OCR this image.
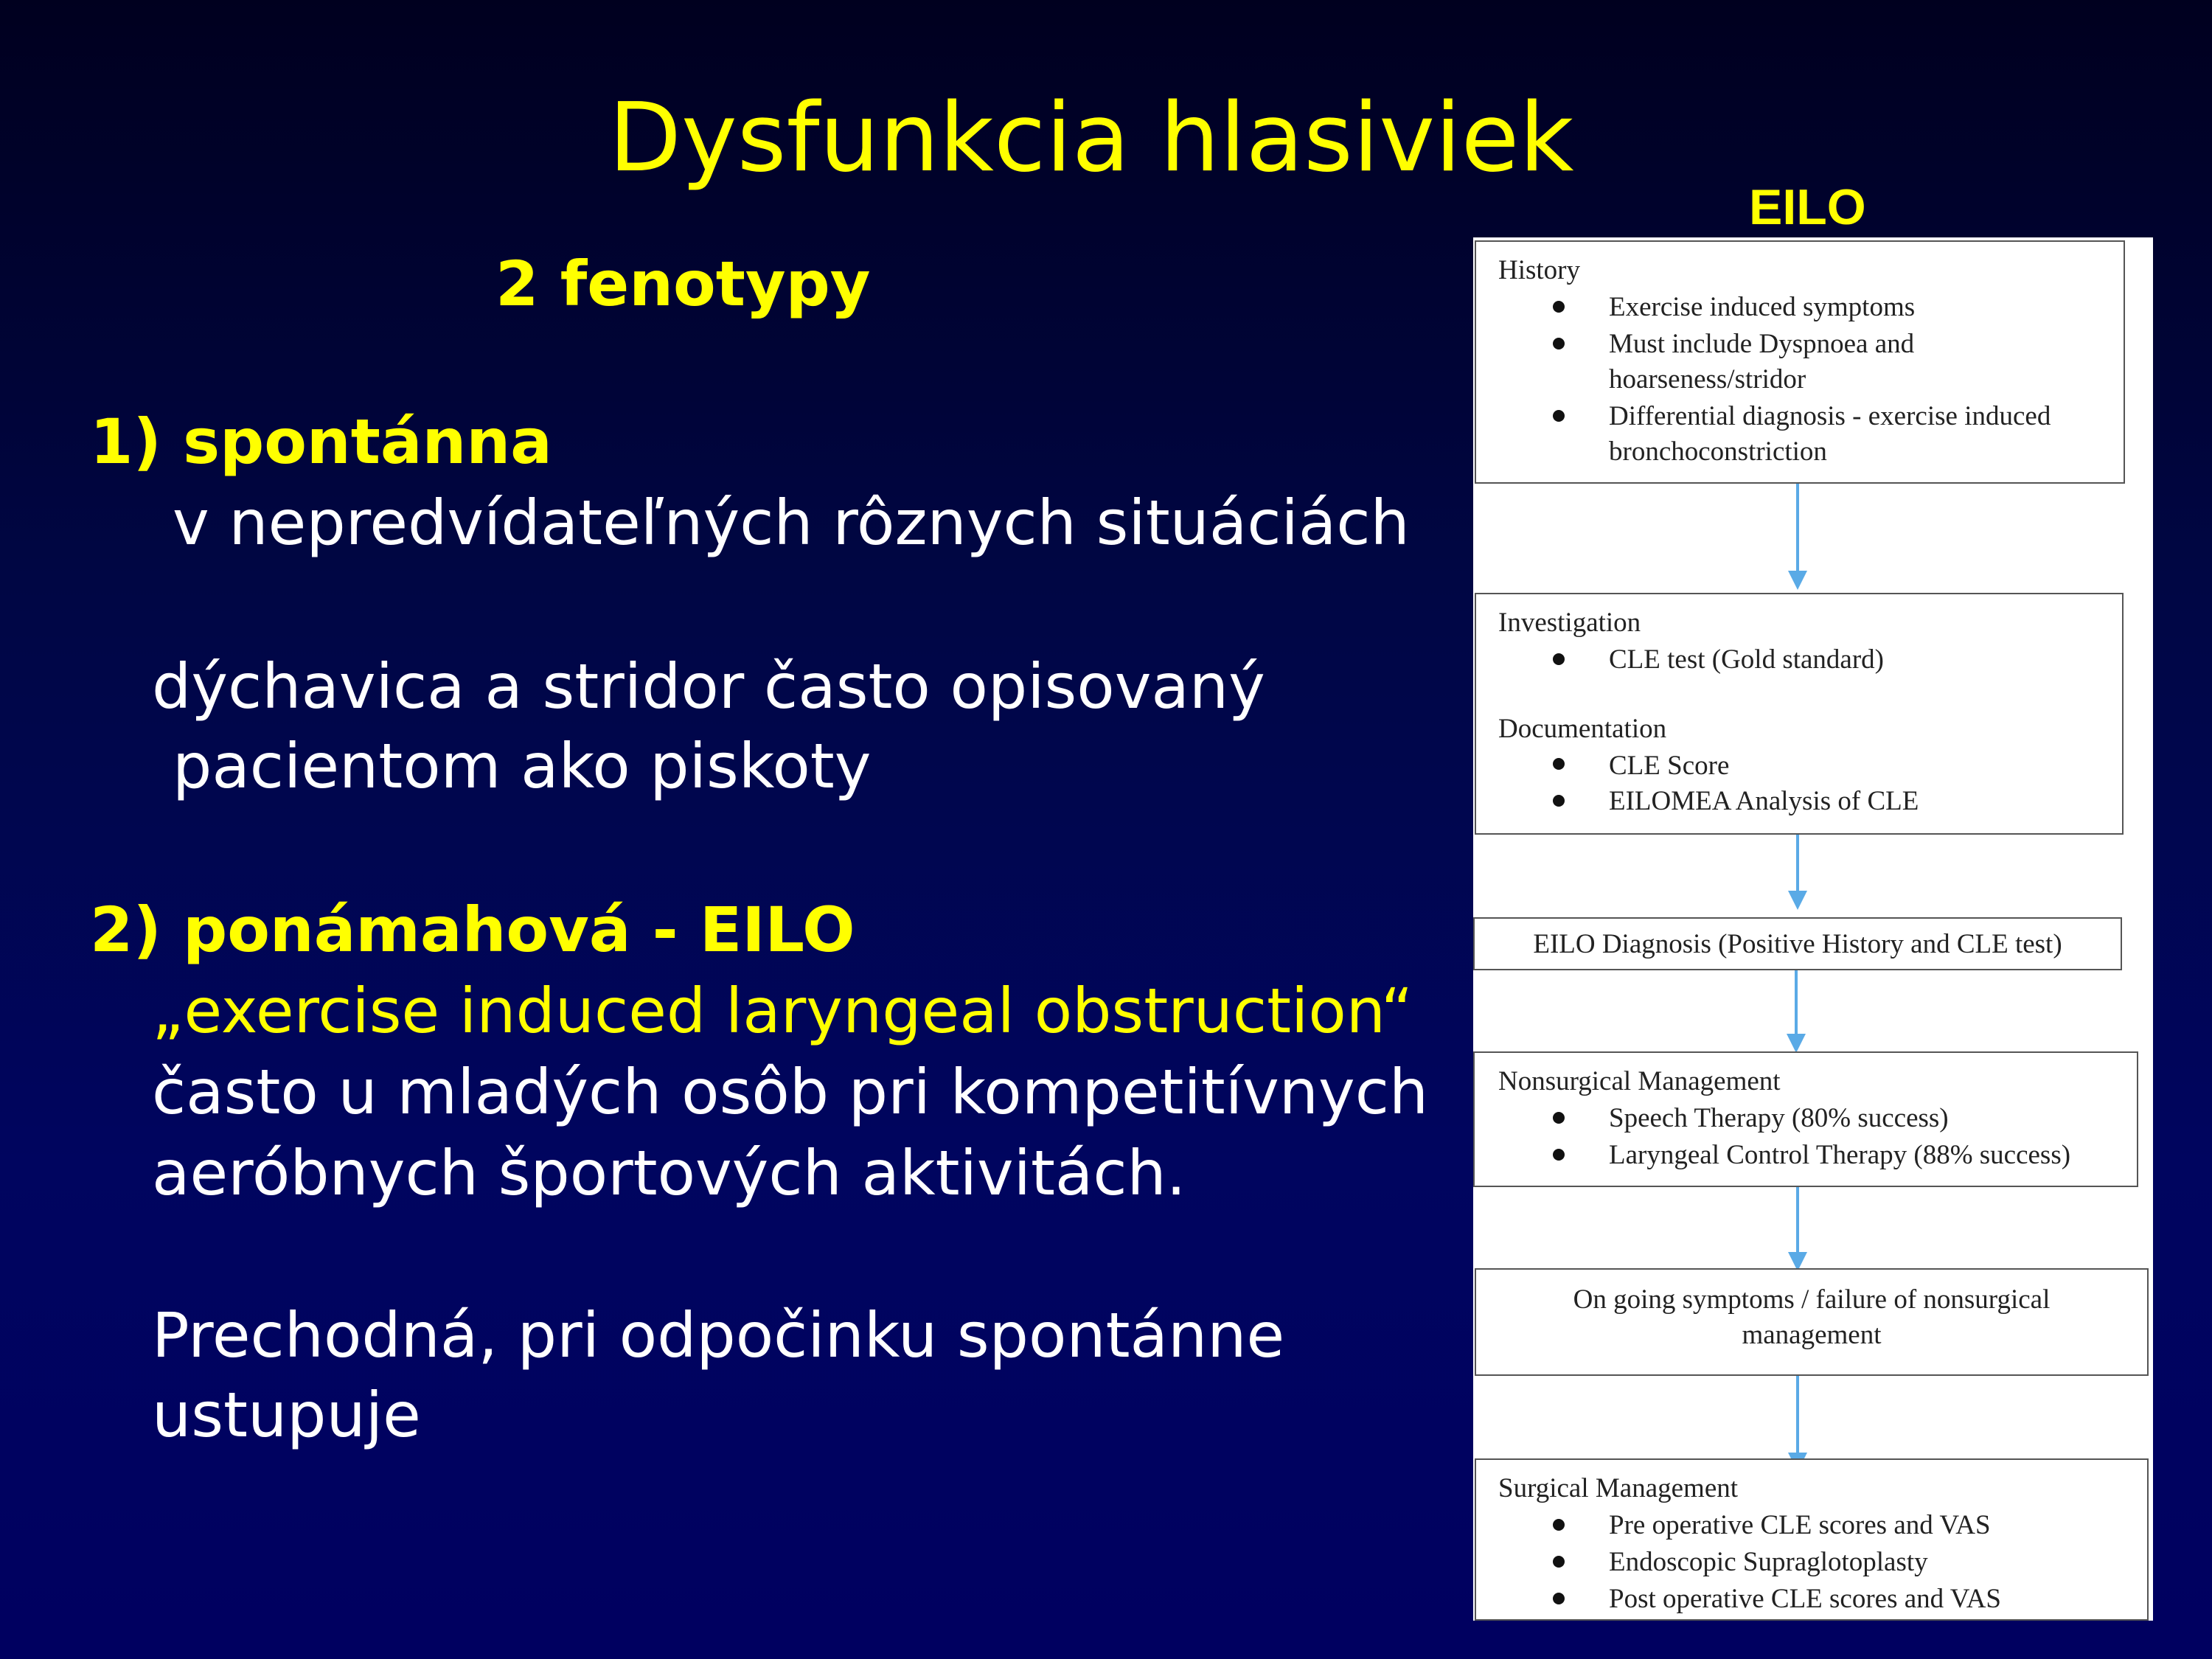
Dysfunkcia hlasiviek
2 fenotypy
EILO
1) spontánna
v nepredvídateľných rôznych situáciách
dýchavica a stridor často opisovaný
pacientom ako piskoty
2) ponámahová - EILO
„exercise induced laryngeal obstruction“
často u mladých osôb pri kompetitívnych
aeróbnych športových aktivitách.
Prechodná, pri odpočinku spontánne
ustupuje
History
Exercise induced symptoms
Must include Dyspnoea and
hoarseness/stridor
Differential diagnosis - exercise induced
bronchoconstriction
Investigation
CLE test (Gold standard)
Documentation
CLE Score
EILOMEA Analysis of CLE
EILO Diagnosis (Positive History and CLE test)
Nonsurgical Management
Speech Therapy (80% success)
Laryngeal Control Therapy (88% success)
On going symptoms / failure of nonsurgical
management
Surgical Management
Pre operative CLE scores and VAS
Endoscopic Supraglotoplasty
Post operative CLE scores and VAS
